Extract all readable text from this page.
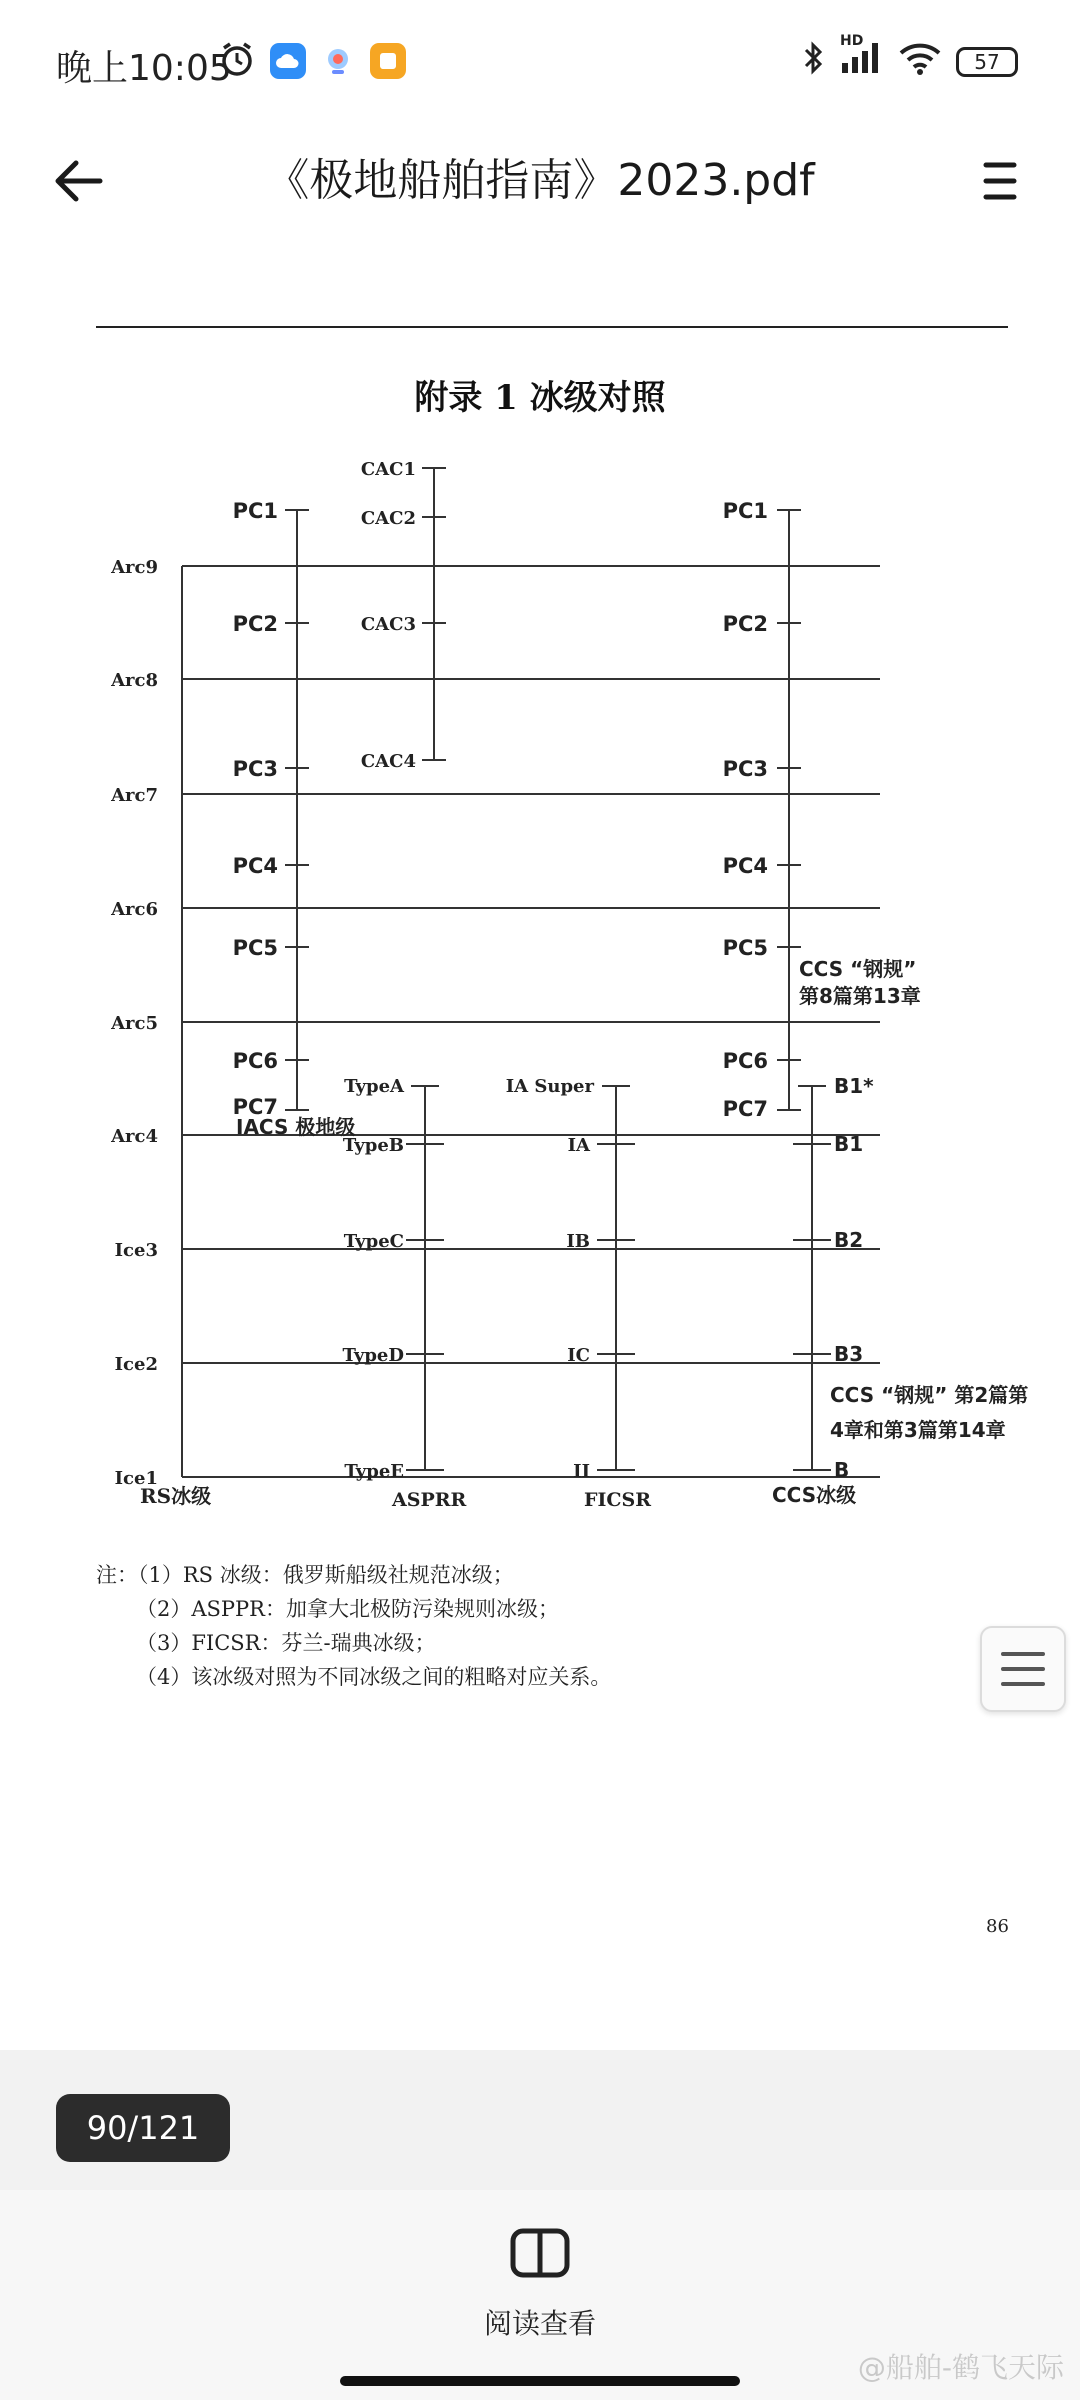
晚上10:05
HD
57
《极地船舶指南》2023.pdf
附录 1 冰级对照
Arc9
Arc8
Arc7
Arc6
Arc5
Arc4
Ice3
Ice2
Ice1
RS冰级
PC1
PC2
PC3
PC4
PC5
PC6
PC7
IACS 极地级
CAC1
CAC2
CAC3
CAC4
PC1
PC2
PC3
PC4
PC5
PC6
PC7
CCS “钢规”
第8篇第13章
TypeA
TypeB
TypeC
TypeD
TypeE
ASPRR
IA Super
IA
IB
IC
II
FICSR
B1*
B1
B2
B3
B
CCS “钢规” 第2篇第
4章和第3篇第14章
CCS冰级
注：（1）RS 冰级：俄罗斯船级社规范冰级；
（2）ASPPR：加拿大北极防污染规则冰级；
（3）FICSR：芬兰-瑞典冰级；
（4）该冰级对照为不同冰级之间的粗略对应关系。
86
90/121
阅读查看
@船舶-鹤飞天际
